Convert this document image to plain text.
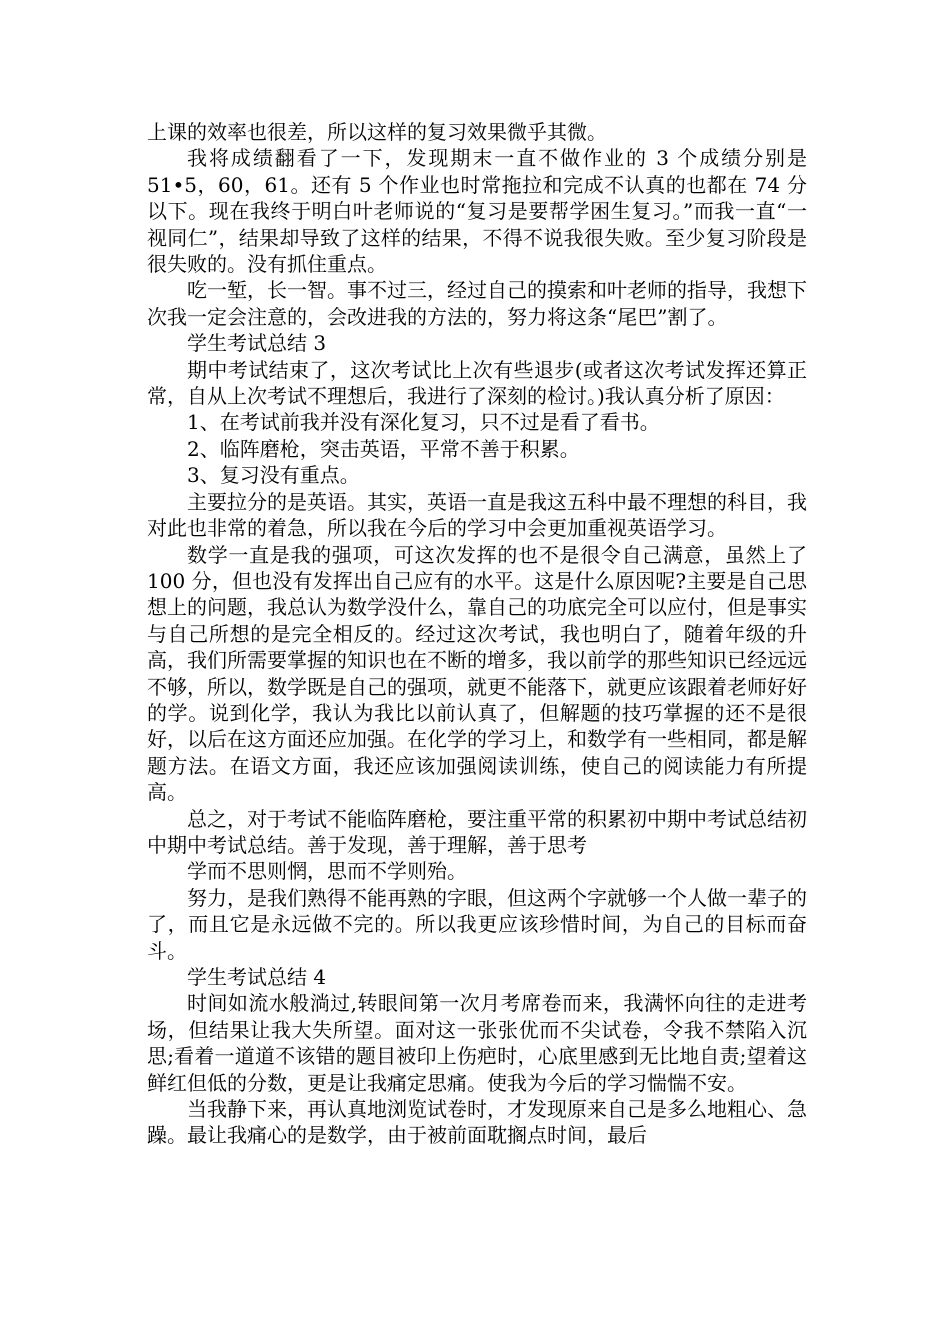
上课的效率也很差，所以这样的复习效果微乎其微。

我将成绩翻看了一下，发现期末一直不做作业的 3 个成绩分别是 51•5，60，61。还有 5 个作业也时常拖拉和完成不认真的也都在 74 分以下。现在我终于明白叶老师说的“复习是要帮学困生复习。”而我一直“一视同仁”，结果却导致了这样的结果，不得不说我很失败。至少复习阶段是很失败的。没有抓住重点。

吃一堑，长一智。事不过三，经过自己的摸索和叶老师的指导，我想下次我一定会注意的，会改进我的方法的，努力将这条“尾巴”割了。

学生考试总结 3

期中考试结束了，这次考试比上次有些退步(或者这次考试发挥还算正常，自从上次考试不理想后，我进行了深刻的检讨。)我认真分析了原因：

1、在考试前我并没有深化复习，只不过是看了看书。

2、临阵磨枪，突击英语，平常不善于积累。

3、复习没有重点。

主要拉分的是英语。其实，英语一直是我这五科中最不理想的科目，我对此也非常的着急，所以我在今后的学习中会更加重视英语学习。

数学一直是我的强项，可这次发挥的也不是很令自己满意，虽然上了 100 分，但也没有发挥出自己应有的水平。这是什么原因呢?主要是自己思想上的问题，我总认为数学没什么，靠自己的功底完全可以应付，但是事实与自己所想的是完全相反的。经过这次考试，我也明白了，随着年级的升高，我们所需要掌握的知识也在不断的增多，我以前学的那些知识已经远远不够，所以，数学既是自己的强项，就更不能落下，就更应该跟着老师好好的学。说到化学，我认为我比以前认真了，但解题的技巧掌握的还不是很好，以后在这方面还应加强。在化学的学习上，和数学有一些相同，都是解题方法。在语文方面，我还应该加强阅读训练，使自己的阅读能力有所提高。

总之，对于考试不能临阵磨枪，要注重平常的积累初中期中考试总结初中期中考试总结。善于发现，善于理解，善于思考

学而不思则惘，思而不学则殆。

努力，是我们熟得不能再熟的字眼，但这两个字就够一个人做一辈子的了，而且它是永远做不完的。所以我更应该珍惜时间，为自己的目标而奋斗。

学生考试总结 4

时间如流水般淌过,转眼间第一次月考席卷而来，我满怀向往的走进考场，但结果让我大失所望。面对这一张张优而不尖试卷，令我不禁陷入沉思;看着一道道不该错的题目被印上伤疤时，心底里感到无比地自责;望着这鲜红但低的分数，更是让我痛定思痛。使我为今后的学习惴惴不安。

当我静下来，再认真地浏览试卷时，才发现原来自己是多么地粗心、急躁。最让我痛心的是数学，由于被前面耽搁点时间，最后
